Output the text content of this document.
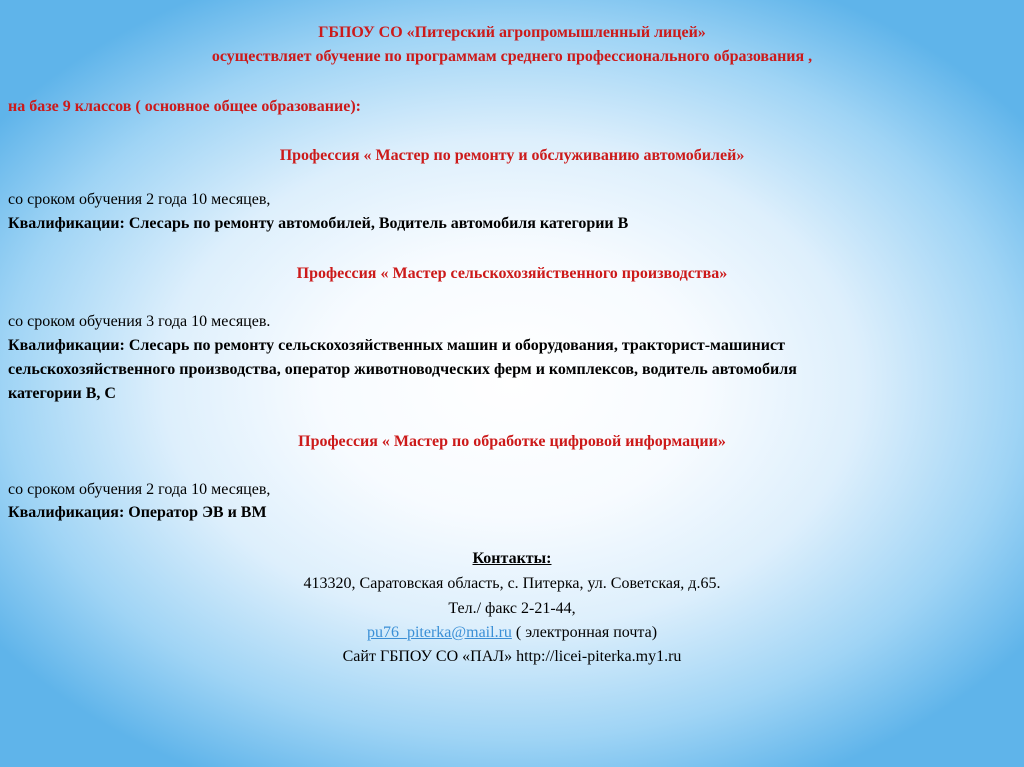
ГБПОУ СО «Питерский агропромышленный лицей»
осуществляет обучение по программам среднего профессионального образования ,
на базе 9 классов ( основное общее образование):
Профессия « Мастер по ремонту и обслуживанию автомобилей»
со сроком обучения 2 года 10 месяцев,
Квалификации: Слесарь по ремонту автомобилей, Водитель автомобиля категории В
Профессия « Мастер сельскохозяйственного производства»
со сроком обучения 3 года 10 месяцев.
Квалификации: Слесарь по ремонту сельскохозяйственных машин и оборудования, тракторист-машинист
сельскохозяйственного производства, оператор животноводческих ферм и комплексов, водитель автомобиля
категории В, С
Профессия « Мастер по обработке цифровой информации»
со сроком обучения 2 года 10 месяцев,
Квалификация: Оператор ЭВ и ВМ
Контакты:
413320, Саратовская область, с. Питерка, ул. Советская, д.65.
Тел./ факс 2-21-44,
pu76_piterka@mail.ru ( электронная почта)
Сайт ГБПОУ СО «ПАЛ» http://licei-piterka.my1.ru
